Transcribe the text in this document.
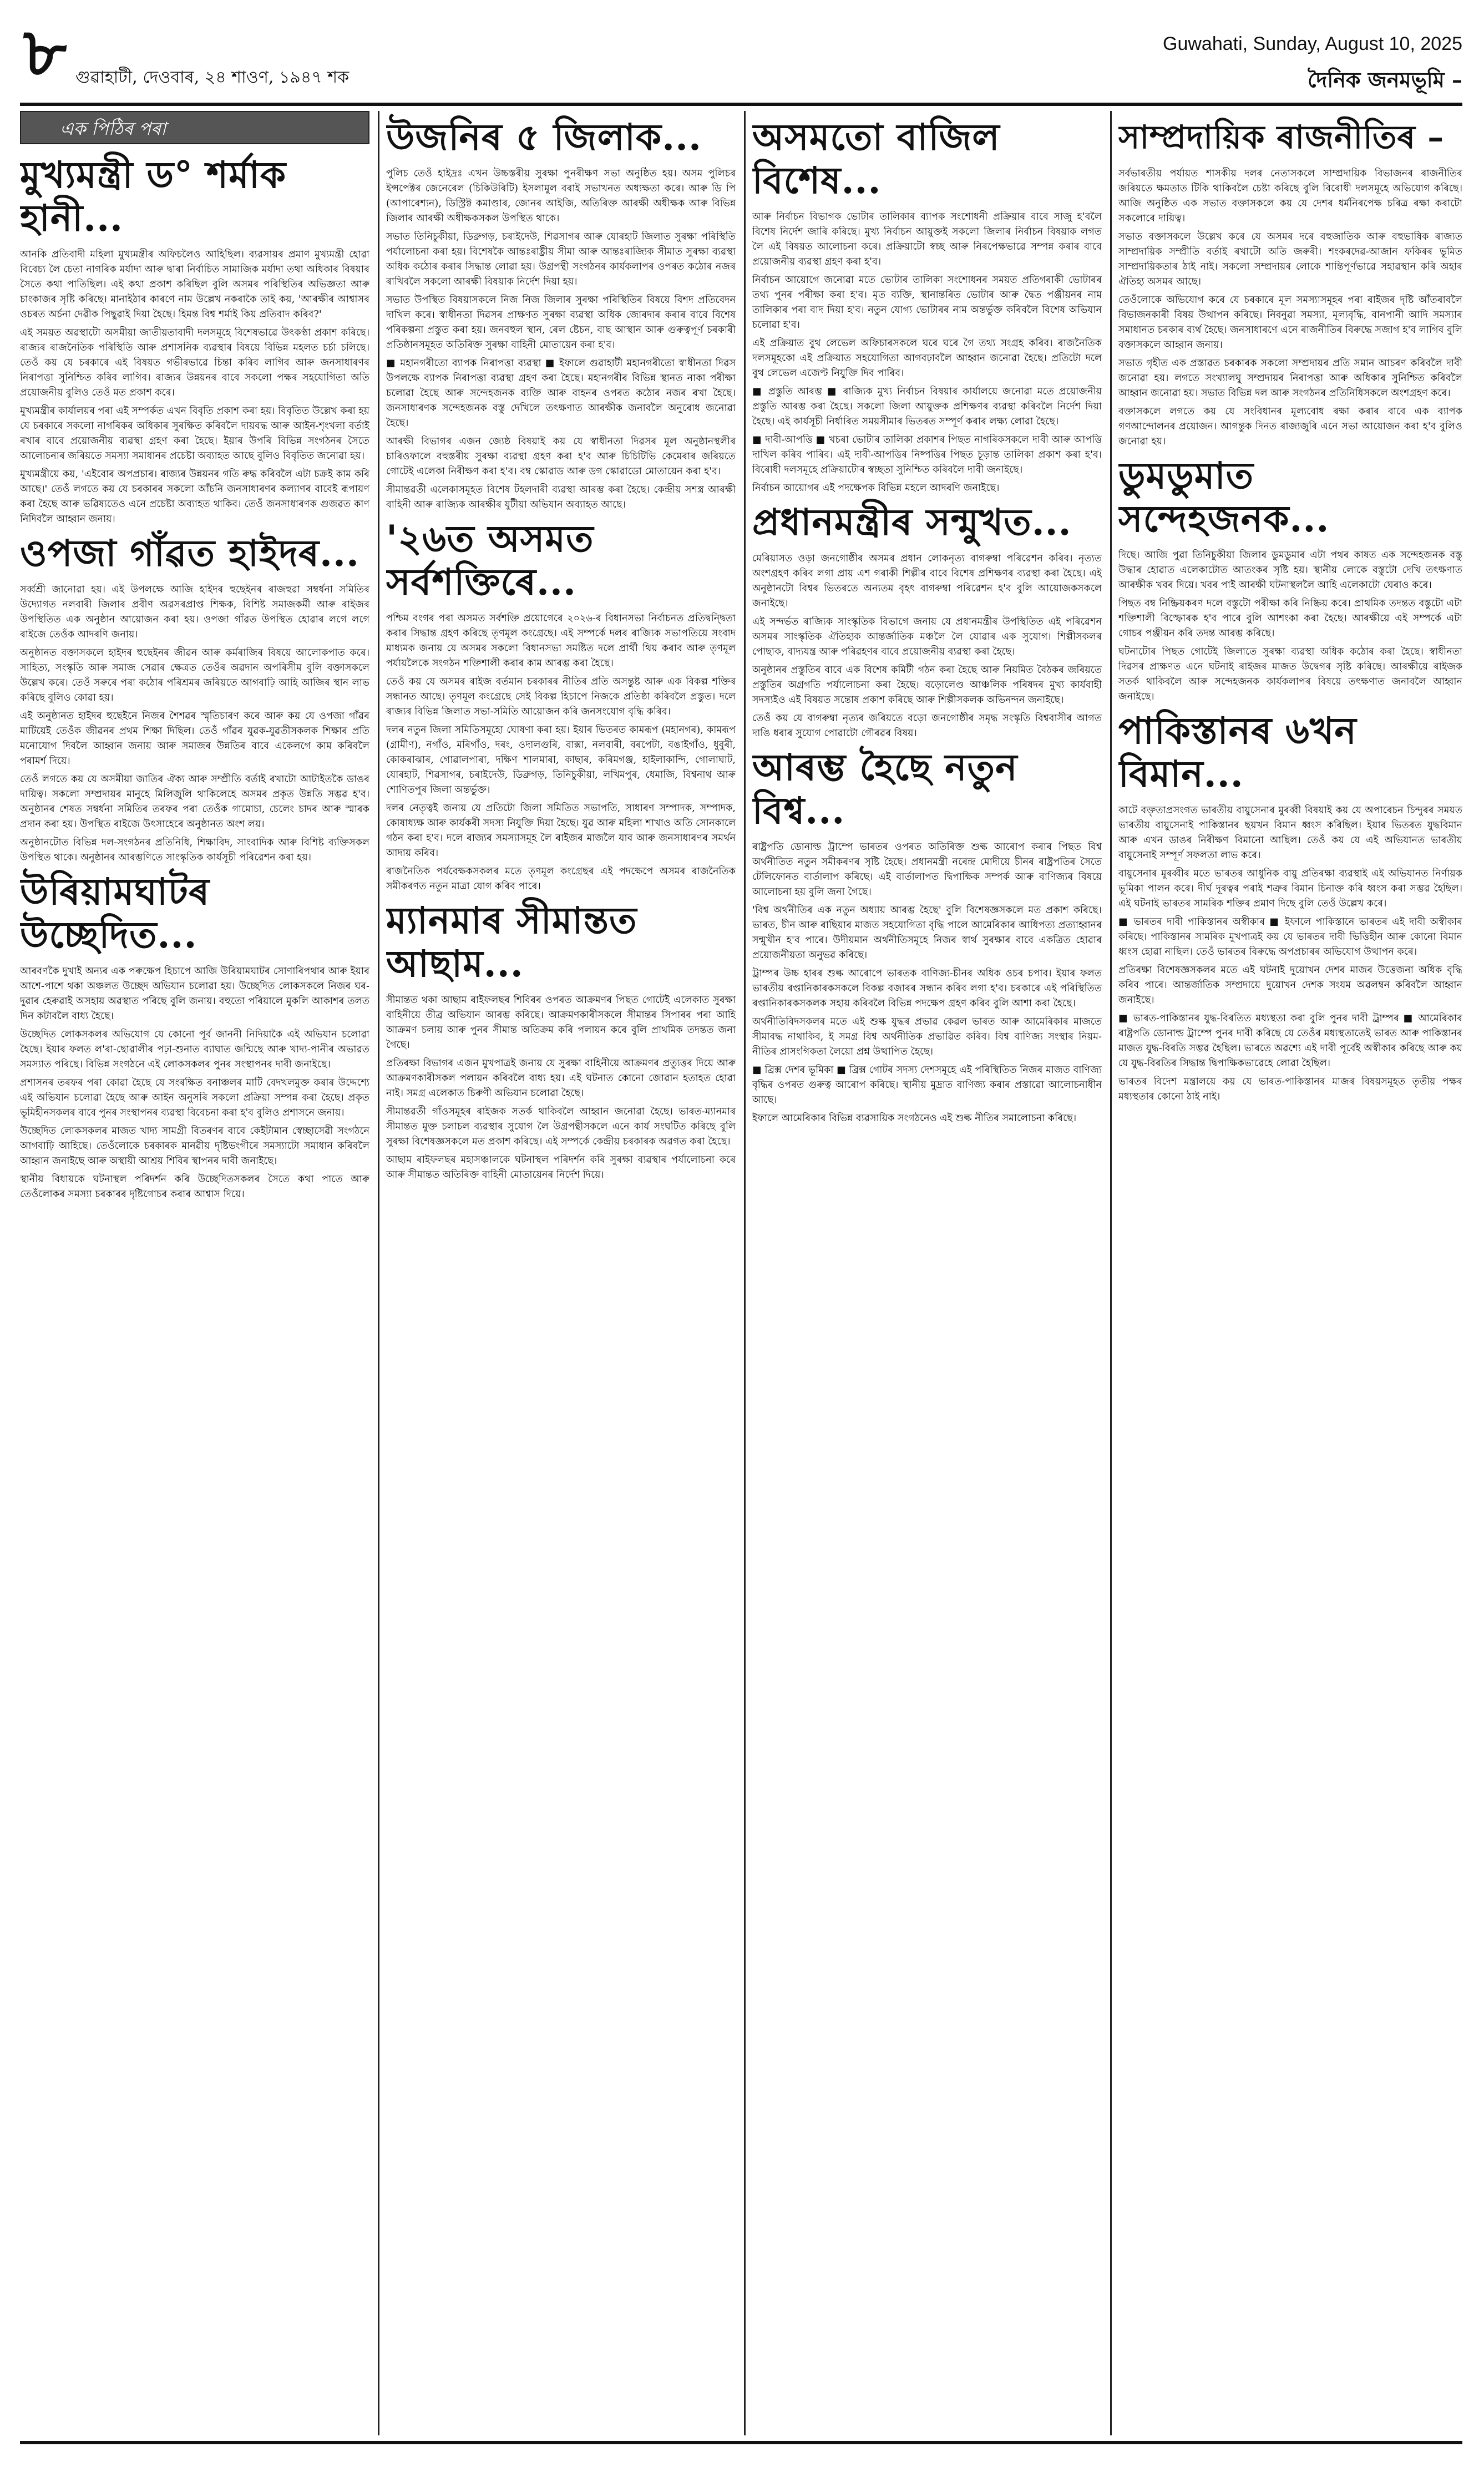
৮ গুৱাহাটী, দেওবাৰ, ২৪ শাওণ, ১৯৪৭ শক
Guwahati, Sunday, August 10, 2025
দৈনিক জনমভূমি –
এক পিঠিৰ পৰা
মুখ্যমন্ত্ৰী ড° শৰ্মাক হানী...

আনকি প্ৰতিবাদী মহিলা মুখ্যমন্ত্ৰীৰ অফিচলৈও আহিছিল। ব্যৱসায়ৰ প্ৰমাণ মুখ্যমন্ত্ৰী হোৱা বিবেচ্য লৈ চেতা নাগৰিক মৰ্যাদা আৰু দ্বাৰা নিৰ্বাচিত সামাজিক মৰ্যাদা তথা অধিকাৰ বিষয়াৰ সৈতে কথা পাতিছিল। এই কথা প্ৰকাশ কৰিছিল বুলি অসমৰ পৰিস্থিতিৰ অভিজ্ঞতা আৰু চাংকাজৰ সৃষ্টি কৰিছে। মানাইঠাৰ কাৰণে নাম উল্লেখ নকৰাকৈ তাই কয়, 'আৰক্ষীৰ আশ্বাসৰ ওচৰত অৰ্চনা দেৱীক পিছুৱাই দিয়া হৈছে। হিমন্ত বিশ্ব শৰ্মাই কিয় প্ৰতিবাদ কৰিব?'

এই সময়ত অৱস্থাটো অসমীয়া জাতীয়তাবাদী দলসমূহে বিশেষভাৱে উৎকণ্ঠা প্ৰকাশ কৰিছে। ৰাজ্যৰ ৰাজনৈতিক পৰিস্থিতি আৰু প্ৰশাসনিক ব্যৱস্থাৰ বিষয়ে বিভিন্ন মহলত চৰ্চা চলিছে। তেওঁ কয় যে চৰকাৰে এই বিষয়ত গভীৰভাৱে চিন্তা কৰিব লাগিব আৰু জনসাধাৰণৰ নিৰাপত্তা সুনিশ্চিত কৰিব লাগিব। ৰাজ্যৰ উন্নয়নৰ বাবে সকলো পক্ষৰ সহযোগিতা অতি প্ৰয়োজনীয় বুলিও তেওঁ মত প্ৰকাশ কৰে।

মুখ্যমন্ত্ৰীৰ কাৰ্যালয়ৰ পৰা এই সম্পৰ্কত এখন বিবৃতি প্ৰকাশ কৰা হয়। বিবৃতিত উল্লেখ কৰা হয় যে চৰকাৰে সকলো নাগৰিকৰ অধিকাৰ সুৰক্ষিত কৰিবলৈ দায়বদ্ধ আৰু আইন-শৃংখলা বৰ্তাই ৰখাৰ বাবে প্ৰয়োজনীয় ব্যৱস্থা গ্ৰহণ কৰা হৈছে। ইয়াৰ উপৰি বিভিন্ন সংগঠনৰ সৈতে আলোচনাৰ জৰিয়তে সমস্যা সমাধানৰ প্ৰচেষ্টা অব্যাহত আছে বুলিও বিবৃতিত জনোৱা হয়।

মুখ্যমন্ত্ৰীয়ে কয়, 'এইবোৰ অপপ্ৰচাৰ। ৰাজ্যৰ উন্নয়নৰ গতি ৰুদ্ধ কৰিবলৈ এটা চক্ৰই কাম কৰি আছে।' তেওঁ লগতে কয় যে চৰকাৰৰ সকলো আঁচনি জনসাধাৰণৰ কল্যাণৰ বাবেই ৰূপায়ণ কৰা হৈছে আৰু ভৱিষ্যতেও এনে প্ৰচেষ্টা অব্যাহত থাকিব। তেওঁ জনসাধাৰণক গুজৱত কাণ নিদিবলৈ আহ্বান জনায়।

ওপজা গাঁৱত হাইদৰ...

সৰ্ব্বশ্ৰী জানোৱা হয়। এই উপলক্ষে আজি হাইদৰ হুছেইনৰ ৰাজহুৱা সম্বৰ্ধনা সমিতিৰ উদ্যোগত নলবাৰী জিলাৰ প্ৰবীণ অৱসৰপ্ৰাপ্ত শিক্ষক, বিশিষ্ট সমাজকৰ্মী আৰু ৰাইজৰ উপস্থিতিত এক অনুষ্ঠান আয়োজন কৰা হয়। ওপজা গাঁৱত উপস্থিত হোৱাৰ লগে লগে ৰাইজে তেওঁক আদৰণি জনায়।

অনুষ্ঠানত বক্তাসকলে হাইদৰ হুছেইনৰ জীৱন আৰু কৰ্মৰাজিৰ বিষয়ে আলোকপাত কৰে। সাহিত্য, সংস্কৃতি আৰু সমাজ সেৱাৰ ক্ষেত্ৰত তেওঁৰ অৱদান অপৰিসীম বুলি বক্তাসকলে উল্লেখ কৰে। তেওঁ সৰুৰে পৰা কঠোৰ পৰিশ্ৰমৰ জৰিয়তে আগবাঢ়ি আহি আজিৰ স্থান লাভ কৰিছে বুলিও কোৱা হয়।

এই অনুষ্ঠানত হাইদৰ হুছেইনে নিজৰ শৈশৱৰ স্মৃতিচাৰণ কৰে আৰু কয় যে ওপজা গাঁৱৰ মাটিয়েই তেওঁক জীৱনৰ প্ৰথম শিক্ষা দিছিল। তেওঁ গাঁৱৰ যুৱক-যুৱতীসকলক শিক্ষাৰ প্ৰতি মনোযোগ দিবলৈ আহ্বান জনায় আৰু সমাজৰ উন্নতিৰ বাবে একেলগে কাম কৰিবলৈ পৰামৰ্শ দিয়ে।

তেওঁ লগতে কয় যে অসমীয়া জাতিৰ ঐক্য আৰু সম্প্ৰীতি বৰ্তাই ৰখাটো আটাইতকৈ ডাঙৰ দায়িত্ব। সকলো সম্প্ৰদায়ৰ মানুহে মিলিজুলি থাকিলেহে অসমৰ প্ৰকৃত উন্নতি সম্ভৱ হ'ব। অনুষ্ঠানৰ শেষত সম্বৰ্ধনা সমিতিৰ তৰফৰ পৰা তেওঁক গামোচা, চেলেং চাদৰ আৰু স্মাৰক প্ৰদান কৰা হয়। উপস্থিত ৰাইজে উৎসাহেৰে অনুষ্ঠানত অংশ লয়।

অনুষ্ঠানটোত বিভিন্ন দল-সংগঠনৰ প্ৰতিনিধি, শিক্ষাবিদ, সাংবাদিক আৰু বিশিষ্ট ব্যক্তিসকল উপস্থিত থাকে। অনুষ্ঠানৰ আৰম্ভণিতে সাংস্কৃতিক কাৰ্যসূচী পৰিৱেশন কৰা হয়।

উৰিয়ামঘাটৰ উচ্ছেদিত...

আৰবণকৈ দুখাই অন্যৰ এক পৰুক্ষেপ হিচাপে আজি উৰিয়ামঘাটৰ সোণাৰিপথাৰ আৰু ইয়াৰ আশে-পাশে থকা অঞ্চলত উচ্ছেদ অভিযান চলোৱা হয়। উচ্ছেদিত লোকসকলে নিজৰ ঘৰ-দুৱাৰ হেৰুৱাই অসহায় অৱস্থাত পৰিছে বুলি জনায়। বহুতো পৰিয়ালে মুকলি আকাশৰ তলত দিন কটাবলৈ বাধ্য হৈছে।

উচ্ছেদিত লোকসকলৰ অভিযোগ যে কোনো পূৰ্ব জাননী নিদিয়াকৈ এই অভিযান চলোৱা হৈছে। ইয়াৰ ফলত ল'ৰা-ছোৱালীৰ পঢ়া-শুনাত ব্যাঘাত জন্মিছে আৰু খাদ্য-পানীৰ অভাৱত সমস্যাত পৰিছে। বিভিন্ন সংগঠনে এই লোকসকলৰ পুনৰ সংস্থাপনৰ দাবী জনাইছে।

প্ৰশাসনৰ তৰফৰ পৰা কোৱা হৈছে যে সংৰক্ষিত বনাঞ্চলৰ মাটি বেদখলমুক্ত কৰাৰ উদ্দেশ্যে এই অভিযান চলোৱা হৈছে আৰু আইন অনুসৰি সকলো প্ৰক্ৰিয়া সম্পন্ন কৰা হৈছে। প্ৰকৃত ভূমিহীনসকলৰ বাবে পুনৰ সংস্থাপনৰ ব্যৱস্থা বিবেচনা কৰা হ'ব বুলিও প্ৰশাসনে জনায়।

উচ্ছেদিত লোকসকলৰ মাজত খাদ্য সামগ্ৰী বিতৰণৰ বাবে কেইটামান স্বেচ্ছাসেৱী সংগঠনে আগবাঢ়ি আহিছে। তেওঁলোকে চৰকাৰক মানৱীয় দৃষ্টিভংগীৰে সমস্যাটো সমাধান কৰিবলৈ আহ্বান জনাইছে আৰু অস্থায়ী আশ্ৰয় শিবিৰ স্থাপনৰ দাবী জনাইছে।

স্থানীয় বিধায়কে ঘটনাস্থল পৰিদৰ্শন কৰি উচ্ছেদিতসকলৰ সৈতে কথা পাতে আৰু তেওঁলোকৰ সমস্যা চৰকাৰৰ দৃষ্টিগোচৰ কৰাৰ আশ্বাস দিয়ে।

উজনিৰ ৫ জিলাক...

পুলিচ তেওঁ হাইদ্ৰঃ এখন উচ্চস্তৰীয় সুৰক্ষা পুনৰীক্ষণ সভা অনুষ্ঠিত হয়। অসম পুলিচৰ ইন্সপেক্টৰ জেনেৰেল (চিকিউৰিটি) ইসলামুল বৰাই সভাখনত অধ্যক্ষতা কৰে। আৰু ডি পি (আপাৰেশ্যন), ডিস্ট্ৰিক্ট কমাণ্ডাৰ, জোনৰ আইজি, অতিৰিক্ত আৰক্ষী অধীক্ষক আৰু বিভিন্ন জিলাৰ আৰক্ষী অধীক্ষকসকল উপস্থিত থাকে।

সভাত তিনিচুকীয়া, ডিব্ৰুগড়, চৰাইদেউ, শিৱসাগৰ আৰু যোৰহাট জিলাত সুৰক্ষা পৰিস্থিতি পৰ্যালোচনা কৰা হয়। বিশেষকৈ আন্তঃৰাষ্ট্ৰীয় সীমা আৰু আন্তঃৰাজ্যিক সীমাত সুৰক্ষা ব্যৱস্থা অধিক কঠোৰ কৰাৰ সিদ্ধান্ত লোৱা হয়। উগ্ৰপন্থী সংগঠনৰ কাৰ্যকলাপৰ ওপৰত কঠোৰ নজৰ ৰাখিবলৈ সকলো আৰক্ষী বিষয়াক নিৰ্দেশ দিয়া হয়।

সভাত উপস্থিত বিষয়াসকলে নিজ নিজ জিলাৰ সুৰক্ষা পৰিস্থিতিৰ বিষয়ে বিশদ প্ৰতিবেদন দাখিল কৰে। স্বাধীনতা দিৱসৰ প্ৰাক্ষণত সুৰক্ষা ব্যৱস্থা অধিক জোৰদাৰ কৰাৰ বাবে বিশেষ পৰিকল্পনা প্ৰস্তুত কৰা হয়। জনবহুল স্থান, ৰেল ষ্টেচন, বাছ আস্থান আৰু গুৰুত্বপূৰ্ণ চৰকাৰী প্ৰতিষ্ঠানসমূহত অতিৰিক্ত সুৰক্ষা বাহিনী মোতায়েন কৰা হ'ব।

■ মহানগৰীতো ব্যাপক নিৰাপত্তা ব্যৱস্থা ■ ইফালে গুৱাহাটী মহানগৰীতো স্বাধীনতা দিৱস উপলক্ষে ব্যাপক নিৰাপত্তা ব্যৱস্থা গ্ৰহণ কৰা হৈছে। মহানগৰীৰ বিভিন্ন স্থানত নাকা পৰীক্ষা চলোৱা হৈছে আৰু সন্দেহজনক ব্যক্তি আৰু বাহনৰ ওপৰত কঠোৰ নজৰ ৰখা হৈছে। জনসাধাৰণক সন্দেহজনক বস্তু দেখিলে তৎক্ষণাত আৰক্ষীক জনাবলৈ অনুৰোধ জনোৱা হৈছে।

আৰক্ষী বিভাগৰ এজন জ্যেষ্ঠ বিষয়াই কয় যে স্বাধীনতা দিৱসৰ মূল অনুষ্ঠানস্থলীৰ চাৰিওফালে বহুস্তৰীয় সুৰক্ষা ব্যৱস্থা গ্ৰহণ কৰা হ'ব আৰু চিচিটিভি কেমেৰাৰ জৰিয়তে গোটেই এলেকা নিৰীক্ষণ কৰা হ'ব। বম্ব স্কোৱাড আৰু ডগ স্কোৱাডো মোতায়েন কৰা হ'ব।

সীমান্তৱৰ্তী এলেকাসমূহত বিশেষ টহলদাৰী ব্যৱস্থা আৰম্ভ কৰা হৈছে। কেন্দ্ৰীয় সশস্ত্ৰ আৰক্ষী বাহিনী আৰু ৰাজ্যিক আৰক্ষীৰ যুটীয়া অভিযান অব্যাহত আছে।

'২৬ত অসমত সৰ্বশক্তিৰে...

পশ্চিম বংগৰ পৰা অসমত সৰ্বশক্তি প্ৰয়োগেৰে ২০২৬-ৰ বিধানসভা নিৰ্বাচনত প্ৰতিদ্বন্দ্বিতা কৰাৰ সিদ্ধান্ত গ্ৰহণ কৰিছে তৃণমূল কংগ্ৰেছে। এই সম্পৰ্কে দলৰ ৰাজ্যিক সভাপতিয়ে সংবাদ মাধ্যমক জনায় যে অসমৰ সকলো বিধানসভা সমষ্টিত দলে প্ৰাৰ্থী থিয় কৰাব আৰু তৃণমূল পৰ্যায়লৈকে সংগঠন শক্তিশালী কৰাৰ কাম আৰম্ভ কৰা হৈছে।

তেওঁ কয় যে অসমৰ ৰাইজ বৰ্তমান চৰকাৰৰ নীতিৰ প্ৰতি অসন্তুষ্ট আৰু এক বিকল্প শক্তিৰ সন্ধানত আছে। তৃণমূল কংগ্ৰেছে সেই বিকল্প হিচাপে নিজকে প্ৰতিষ্ঠা কৰিবলৈ প্ৰস্তুত। দলে ৰাজ্যৰ বিভিন্ন জিলাত সভা-সমিতি আয়োজন কৰি জনসংযোগ বৃদ্ধি কৰিব।

দলৰ নতুন জিলা সমিতিসমূহো ঘোষণা কৰা হয়। ইয়াৰ ভিতৰত কামৰূপ (মহানগৰ), কামৰূপ (গ্ৰামীণ), নগাঁও, মৰিগাঁও, দৰং, ওদালগুৰি, বাক্সা, নলবাৰী, বৰপেটা, বঙাইগাঁও, ধুবুৰী, কোকৰাঝাৰ, গোৱালপাৰা, দক্ষিণ শালমাৰা, কাছাৰ, কৰিমগঞ্জ, হাইলাকান্দি, গোলাঘাট, যোৰহাট, শিৱসাগৰ, চৰাইদেউ, ডিব্ৰুগড়, তিনিচুকীয়া, লখিমপুৰ, ধেমাজি, বিশ্বনাথ আৰু শোণিতপুৰ জিলা অন্তৰ্ভুক্ত।

দলৰ নেতৃত্বই জনায় যে প্ৰতিটো জিলা সমিতিত সভাপতি, সাধাৰণ সম্পাদক, সম্পাদক, কোষাধ্যক্ষ আৰু কাৰ্যকৰী সদস্য নিযুক্তি দিয়া হৈছে। যুৱ আৰু মহিলা শাখাও অতি সোনকালে গঠন কৰা হ'ব। দলে ৰাজ্যৰ সমস্যাসমূহ লৈ ৰাইজৰ মাজলৈ যাব আৰু জনসাধাৰণৰ সমৰ্থন আদায় কৰিব।

ৰাজনৈতিক পৰ্যবেক্ষকসকলৰ মতে তৃণমূল কংগ্ৰেছৰ এই পদক্ষেপে অসমৰ ৰাজনৈতিক সমীকৰণত নতুন মাত্ৰা যোগ কৰিব পাৰে।

ম্যানমাৰ সীমান্তত আছাম...

সীমান্তত থকা আছাম ৰাইফলছৰ শিবিৰৰ ওপৰত আক্ৰমণৰ পিছত গোটেই এলেকাত সুৰক্ষা বাহিনীয়ে তীব্ৰ অভিযান আৰম্ভ কৰিছে। আক্ৰমণকাৰীসকলে সীমান্তৰ সিপাৰৰ পৰা আহি আক্ৰমণ চলায় আৰু পুনৰ সীমান্ত অতিক্ৰম কৰি পলায়ন কৰে বুলি প্ৰাথমিক তদন্তত জনা গৈছে।

প্ৰতিৰক্ষা বিভাগৰ এজন মুখপাত্ৰই জনায় যে সুৰক্ষা বাহিনীয়ে আক্ৰমণৰ প্ৰত্যুত্তৰ দিয়ে আৰু আক্ৰমণকাৰীসকল পলায়ন কৰিবলৈ বাধ্য হয়। এই ঘটনাত কোনো জোৱান হতাহত হোৱা নাই। সমগ্ৰ এলেকাত চিৰুণী অভিযান চলোৱা হৈছে।

সীমান্তৱৰ্তী গাঁওসমূহৰ ৰাইজক সতৰ্ক থাকিবলৈ আহ্বান জনোৱা হৈছে। ভাৰত-ম্যানমাৰ সীমান্তত মুক্ত চলাচল ব্যৱস্থাৰ সুযোগ লৈ উগ্ৰপন্থীসকলে এনে কাৰ্য সংঘটিত কৰিছে বুলি সুৰক্ষা বিশেষজ্ঞসকলে মত প্ৰকাশ কৰিছে। এই সম্পৰ্কে কেন্দ্ৰীয় চৰকাৰক অৱগত কৰা হৈছে।

আছাম ৰাইফলছৰ মহাসঞ্চালকে ঘটনাস্থল পৰিদৰ্শন কৰি সুৰক্ষা ব্যৱস্থাৰ পৰ্যালোচনা কৰে আৰু সীমান্তত অতিৰিক্ত বাহিনী মোতায়েনৰ নিৰ্দেশ দিয়ে।

অসমতো বাজিল বিশেষ...

আৰু নিৰ্বাচন বিভাগক ভোটাৰ তালিকাৰ ব্যাপক সংশোধনী প্ৰক্ৰিয়াৰ বাবে সাজু হ'বলৈ বিশেষ নিৰ্দেশ জাৰি কৰিছে। মুখ্য নিৰ্বাচন আয়ুক্তই সকলো জিলাৰ নিৰ্বাচন বিষয়াক লগত লৈ এই বিষয়ত আলোচনা কৰে। প্ৰক্ৰিয়াটো স্বচ্ছ আৰু নিৰপেক্ষভাৱে সম্পন্ন কৰাৰ বাবে প্ৰয়োজনীয় ব্যৱস্থা গ্ৰহণ কৰা হ'ব।

নিৰ্বাচন আয়োগে জনোৱা মতে ভোটাৰ তালিকা সংশোধনৰ সময়ত প্ৰতিগৰাকী ভোটাৰৰ তথ্য পুনৰ পৰীক্ষা কৰা হ'ব। মৃত ব্যক্তি, স্থানান্তৰিত ভোটাৰ আৰু দ্বৈত পঞ্জীয়নৰ নাম তালিকাৰ পৰা বাদ দিয়া হ'ব। নতুন যোগ্য ভোটাৰৰ নাম অন্তৰ্ভুক্ত কৰিবলৈ বিশেষ অভিযান চলোৱা হ'ব।

এই প্ৰক্ৰিয়াত বুথ লেভেল অফিচাৰসকলে ঘৰে ঘৰে গৈ তথ্য সংগ্ৰহ কৰিব। ৰাজনৈতিক দলসমূহকো এই প্ৰক্ৰিয়াত সহযোগিতা আগবঢ়াবলৈ আহ্বান জনোৱা হৈছে। প্ৰতিটো দলে বুথ লেভেল এজেণ্ট নিযুক্তি দিব পাৰিব।

■ প্ৰস্তুতি আৰম্ভ ■ ৰাজ্যিক মুখ্য নিৰ্বাচন বিষয়াৰ কাৰ্যালয়ে জনোৱা মতে প্ৰয়োজনীয় প্ৰস্তুতি আৰম্ভ কৰা হৈছে। সকলো জিলা আয়ুক্তক প্ৰশিক্ষণৰ ব্যৱস্থা কৰিবলৈ নিৰ্দেশ দিয়া হৈছে। এই কাৰ্যসূচী নিৰ্ধাৰিত সময়সীমাৰ ভিতৰত সম্পূৰ্ণ কৰাৰ লক্ষ্য লোৱা হৈছে।

■ দাবী-আপত্তি ■ খচৰা ভোটাৰ তালিকা প্ৰকাশৰ পিছত নাগৰিকসকলে দাবী আৰু আপত্তি দাখিল কৰিব পাৰিব। এই দাবী-আপত্তিৰ নিষ্পত্তিৰ পিছত চূড়ান্ত তালিকা প্ৰকাশ কৰা হ'ব। বিৰোধী দলসমূহে প্ৰক্ৰিয়াটোৰ স্বচ্ছতা সুনিশ্চিত কৰিবলৈ দাবী জনাইছে।

নিৰ্বাচন আয়োগৰ এই পদক্ষেপক বিভিন্ন মহলে আদৰণি জনাইছে।

প্ৰধানমন্ত্ৰীৰ সন্মুখত...

মেৰিয়াসত ওড়া জনগোষ্ঠীৰ অসমৰ প্ৰধান লোকনৃত্য বাগৰুম্বা পৰিৱেশন কৰিব। নৃত্যত অংশগ্ৰহণ কৰিব লগা প্ৰায় এশ গৰাকী শিল্পীৰ বাবে বিশেষ প্ৰশিক্ষণৰ ব্যৱস্থা কৰা হৈছে। এই অনুষ্ঠানটো বিশ্বৰ ভিতৰতে অন্যতম বৃহৎ বাগৰুম্বা পৰিৱেশন হ'ব বুলি আয়োজকসকলে জনাইছে।

এই সন্দৰ্ভত ৰাজ্যিক সাংস্কৃতিক বিভাগে জনায় যে প্ৰধানমন্ত্ৰীৰ উপস্থিতিত এই পৰিৱেশন অসমৰ সাংস্কৃতিক ঐতিহ্যক আন্তৰ্জাতিক মঞ্চলৈ লৈ যোৱাৰ এক সুযোগ। শিল্পীসকলৰ পোছাক, বাদ্যযন্ত্ৰ আৰু পৰিৱহণৰ বাবে প্ৰয়োজনীয় ব্যৱস্থা কৰা হৈছে।

অনুষ্ঠানৰ প্ৰস্তুতিৰ বাবে এক বিশেষ কমিটী গঠন কৰা হৈছে আৰু নিয়মিত বৈঠকৰ জৰিয়তে প্ৰস্তুতিৰ অগ্ৰগতি পৰ্যালোচনা কৰা হৈছে। বড়োলেণ্ড আঞ্চলিক পৰিষদৰ মুখ্য কাৰ্যবাহী সদস্যইও এই বিষয়ত সন্তোষ প্ৰকাশ কৰিছে আৰু শিল্পীসকলক অভিনন্দন জনাইছে।

তেওঁ কয় যে বাগৰুম্বা নৃত্যৰ জৰিয়তে বড়ো জনগোষ্ঠীৰ সমৃদ্ধ সংস্কৃতি বিশ্ববাসীৰ আগত দাঙি ধৰাৰ সুযোগ পোৱাটো গৌৰৱৰ বিষয়।

আৰম্ভ হৈছে নতুন বিশ্ব...

ৰাষ্ট্ৰপতি ডোনাল্ড ট্ৰাম্পে ভাৰতৰ ওপৰত অতিৰিক্ত শুল্ক আৰোপ কৰাৰ পিছত বিশ্ব অৰ্থনীতিত নতুন সমীকৰণৰ সৃষ্টি হৈছে। প্ৰধানমন্ত্ৰী নৰেন্দ্ৰ মোদীয়ে চীনৰ ৰাষ্ট্ৰপতিৰ সৈতে টেলিফোনত বাৰ্তালাপ কৰিছে। এই বাৰ্তালাপত দ্বিপাক্ষিক সম্পৰ্ক আৰু বাণিজ্যৰ বিষয়ে আলোচনা হয় বুলি জনা গৈছে।

'বিশ্ব অৰ্থনীতিৰ এক নতুন অধ্যায় আৰম্ভ হৈছে' বুলি বিশেষজ্ঞসকলে মত প্ৰকাশ কৰিছে। ভাৰত, চীন আৰু ৰাছিয়াৰ মাজত সহযোগিতা বৃদ্ধি পালে আমেৰিকাৰ আধিপত্য প্ৰত্যাহ্বানৰ সন্মুখীন হ'ব পাৰে। উদীয়মান অৰ্থনীতিসমূহে নিজৰ স্বাৰ্থ সুৰক্ষাৰ বাবে একত্ৰিত হোৱাৰ প্ৰয়োজনীয়তা অনুভৱ কৰিছে।

ট্ৰাম্পৰ উচ্চ হাৰৰ শুল্ক আৰোপে ভাৰতক বাণিজ্য-চীনৰ অধিক ওচৰ চপাব। ইয়াৰ ফলত ভাৰতীয় ৰপ্তানিকাৰকসকলে বিকল্প বজাৰৰ সন্ধান কৰিব লগা হ'ব। চৰকাৰে এই পৰিস্থিতিত ৰপ্তানিকাৰকসকলক সহায় কৰিবলৈ বিভিন্ন পদক্ষেপ গ্ৰহণ কৰিব বুলি আশা কৰা হৈছে।

অৰ্থনীতিবিদসকলৰ মতে এই শুল্ক যুদ্ধৰ প্ৰভাৱ কেৱল ভাৰত আৰু আমেৰিকাৰ মাজতে সীমাবদ্ধ নাথাকিব, ই সমগ্ৰ বিশ্ব অৰ্থনীতিক প্ৰভাৱিত কৰিব। বিশ্ব বাণিজ্য সংস্থাৰ নিয়ম-নীতিৰ প্ৰাসংগিকতা লৈয়ো প্ৰশ্ন উত্থাপিত হৈছে।

■ ব্ৰিক্স দেশৰ ভূমিকা ■ ব্ৰিক্স গোটৰ সদস্য দেশসমূহে এই পৰিস্থিতিত নিজৰ মাজত বাণিজ্য বৃদ্ধিৰ ওপৰত গুৰুত্ব আৰোপ কৰিছে। স্থানীয় মুদ্ৰাত বাণিজ্য কৰাৰ প্ৰস্তাৱো আলোচনাধীন আছে।

ইফালে আমেৰিকাৰ বিভিন্ন ব্যৱসায়িক সংগঠনেও এই শুল্ক নীতিৰ সমালোচনা কৰিছে।

সাম্প্ৰদায়িক ৰাজনীতিৰ –

সৰ্বভাৰতীয় পৰ্যায়ত শাসকীয় দলৰ নেতাসকলে সাম্প্ৰদায়িক বিভাজনৰ ৰাজনীতিৰ জৰিয়তে ক্ষমতাত টিকি থাকিবলৈ চেষ্টা কৰিছে বুলি বিৰোধী দলসমূহে অভিযোগ কৰিছে। আজি অনুষ্ঠিত এক সভাত বক্তাসকলে কয় যে দেশৰ ধৰ্মনিৰপেক্ষ চৰিত্ৰ ৰক্ষা কৰাটো সকলোৰে দায়িত্ব।

সভাত বক্তাসকলে উল্লেখ কৰে যে অসমৰ দৰে বহুজাতিক আৰু বহুভাষিক ৰাজ্যত সাম্প্ৰদায়িক সম্প্ৰীতি বৰ্তাই ৰখাটো অতি জৰুৰী। শংকৰদেৱ-আজান ফকিৰৰ ভূমিত সাম্প্ৰদায়িকতাৰ ঠাই নাই। সকলো সম্প্ৰদায়ৰ লোকে শান্তিপূৰ্ণভাৱে সহাৱস্থান কৰি অহাৰ ঐতিহ্য অসমৰ আছে।

তেওঁলোকে অভিযোগ কৰে যে চৰকাৰে মূল সমস্যাসমূহৰ পৰা ৰাইজৰ দৃষ্টি আঁতৰাবলৈ বিভাজনকাৰী বিষয় উত্থাপন কৰিছে। নিবনুৱা সমস্যা, মূল্যবৃদ্ধি, বানপানী আদি সমস্যাৰ সমাধানত চৰকাৰ ব্যৰ্থ হৈছে। জনসাধাৰণে এনে ৰাজনীতিৰ বিৰুদ্ধে সজাগ হ'ব লাগিব বুলি বক্তাসকলে আহ্বান জনায়।

সভাত গৃহীত এক প্ৰস্তাৱত চৰকাৰক সকলো সম্প্ৰদায়ৰ প্ৰতি সমান আচৰণ কৰিবলৈ দাবী জনোৱা হয়। লগতে সংখ্যালঘু সম্প্ৰদায়ৰ নিৰাপত্তা আৰু অধিকাৰ সুনিশ্চিত কৰিবলৈ আহ্বান জনোৱা হয়। সভাত বিভিন্ন দল আৰু সংগঠনৰ প্ৰতিনিধিসকলে অংশগ্ৰহণ কৰে।

বক্তাসকলে লগতে কয় যে সংবিধানৰ মূল্যবোধ ৰক্ষা কৰাৰ বাবে এক ব্যাপক গণআন্দোলনৰ প্ৰয়োজন। আগন্তুক দিনত ৰাজ্যজুৰি এনে সভা আয়োজন কৰা হ'ব বুলিও জনোৱা হয়।

ডুমডুমাত সন্দেহজনক...

দিছে। আজি পুৱা তিনিচুকীয়া জিলাৰ ডুমডুমাৰ এটা পথৰ কাষত এক সন্দেহজনক বস্তু উদ্ধাৰ হোৱাত এলেকাটোত আতংকৰ সৃষ্টি হয়। স্থানীয় লোকে বস্তুটো দেখি তৎক্ষণাত আৰক্ষীক খবৰ দিয়ে। খবৰ পাই আৰক্ষী ঘটনাস্থললৈ আহি এলেকাটো ঘেৰাও কৰে।

পিছত বম্ব নিষ্ক্ৰিয়কৰণ দলে বস্তুটো পৰীক্ষা কৰি নিষ্ক্ৰিয় কৰে। প্ৰাথমিক তদন্তত বস্তুটো এটা শক্তিশালী বিস্ফোৰক হ'ব পাৰে বুলি আশংকা কৰা হৈছে। আৰক্ষীয়ে এই সম্পৰ্কে এটা গোচৰ পঞ্জীয়ন কৰি তদন্ত আৰম্ভ কৰিছে।

ঘটনাটোৰ পিছত গোটেই জিলাতে সুৰক্ষা ব্যৱস্থা অধিক কঠোৰ কৰা হৈছে। স্বাধীনতা দিৱসৰ প্ৰাক্ষণত এনে ঘটনাই ৰাইজৰ মাজত উদ্বেগৰ সৃষ্টি কৰিছে। আৰক্ষীয়ে ৰাইজক সতৰ্ক থাকিবলৈ আৰু সন্দেহজনক কাৰ্যকলাপৰ বিষয়ে তৎক্ষণাত জনাবলৈ আহ্বান জনাইছে।

পাকিস্তানৰ ৬খন বিমান...

কাটে বক্তৃতাপ্ৰসংগত ভাৰতীয় বায়ুসেনাৰ মুৰব্বী বিষয়াই কয় যে অপাৰেচন চিন্দুৰৰ সময়ত ভাৰতীয় বায়ুসেনাই পাকিস্তানৰ ছয়খন বিমান ধ্বংস কৰিছিল। ইয়াৰ ভিতৰত যুদ্ধবিমান আৰু এখন ডাঙৰ নিৰীক্ষণ বিমানো আছিল। তেওঁ কয় যে এই অভিযানত ভাৰতীয় বায়ুসেনাই সম্পূৰ্ণ সফলতা লাভ কৰে।

বায়ুসেনাৰ মুৰব্বীৰ মতে ভাৰতৰ আধুনিক বায়ু প্ৰতিৰক্ষা ব্যৱস্থাই এই অভিযানত নিৰ্ণায়ক ভূমিকা পালন কৰে। দীৰ্ঘ দূৰত্বৰ পৰাই শত্ৰুৰ বিমান চিনাক্ত কৰি ধ্বংস কৰা সম্ভৱ হৈছিল। এই ঘটনাই ভাৰতৰ সামৰিক শক্তিৰ প্ৰমাণ দিছে বুলি তেওঁ উল্লেখ কৰে।

■ ভাৰতৰ দাবী পাকিস্তানৰ অস্বীকাৰ ■ ইফালে পাকিস্তানে ভাৰতৰ এই দাবী অস্বীকাৰ কৰিছে। পাকিস্তানৰ সামৰিক মুখপাত্ৰই কয় যে ভাৰতৰ দাবী ভিত্তিহীন আৰু কোনো বিমান ধ্বংস হোৱা নাছিল। তেওঁ ভাৰতৰ বিৰুদ্ধে অপপ্ৰচাৰৰ অভিযোগ উত্থাপন কৰে।

প্ৰতিৰক্ষা বিশেষজ্ঞসকলৰ মতে এই ঘটনাই দুয়োখন দেশৰ মাজৰ উত্তেজনা অধিক বৃদ্ধি কৰিব পাৰে। আন্তৰ্জাতিক সম্প্ৰদায়ে দুয়োখন দেশক সংযম অৱলম্বন কৰিবলৈ আহ্বান জনাইছে।

■ ভাৰত-পাকিস্তানৰ যুদ্ধ-বিৰতিত মধ্যস্থতা কৰা বুলি পুনৰ দাবী ট্ৰাম্পৰ ■ আমেৰিকাৰ ৰাষ্ট্ৰপতি ডোনাল্ড ট্ৰাম্পে পুনৰ দাবী কৰিছে যে তেওঁৰ মধ্যস্থতাতেই ভাৰত আৰু পাকিস্তানৰ মাজত যুদ্ধ-বিৰতি সম্ভৱ হৈছিল। ভাৰতে অৱশ্যে এই দাবী পূৰ্বেই অস্বীকাৰ কৰিছে আৰু কয় যে যুদ্ধ-বিৰতিৰ সিদ্ধান্ত দ্বিপাক্ষিকভাৱেহে লোৱা হৈছিল।

ভাৰতৰ বিদেশ মন্ত্ৰালয়ে কয় যে ভাৰত-পাকিস্তানৰ মাজৰ বিষয়সমূহত তৃতীয় পক্ষৰ মধ্যস্থতাৰ কোনো ঠাই নাই।
